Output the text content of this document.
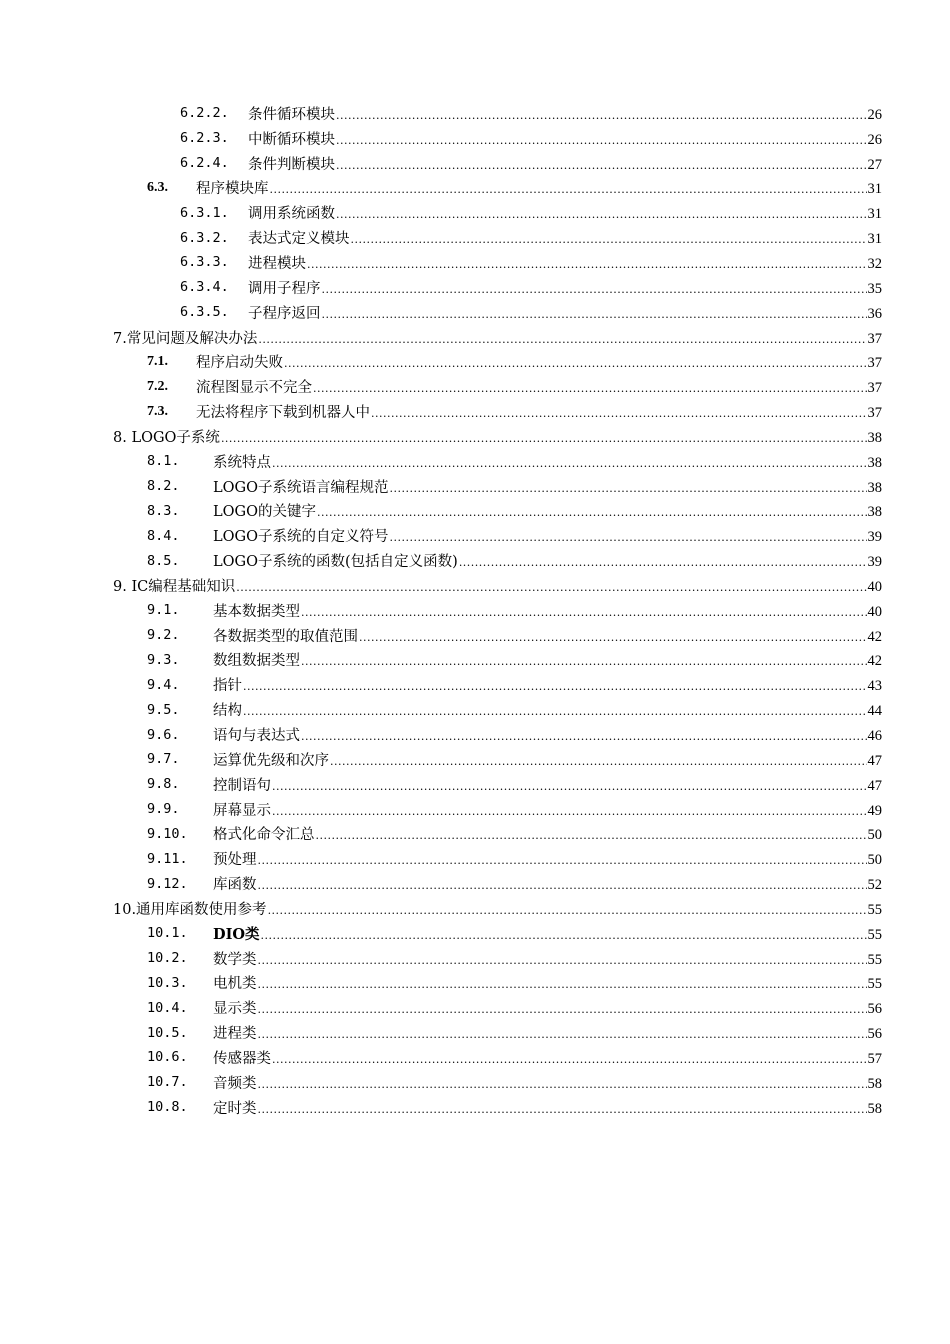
6.2.2. 条件循环模块 .....	26
6.2.3. 中断循环模块 .....	26
6.2.4. 条件判断模块 .....	27
6.3. 程序模块库 .....	31
6.3.1. 调用系统函数 .....	31
6.3.2. 表达式定义模块 .....	31
6.3.3. 进程模块 .....	32
6.3.4. 调用子程序 .....	35
6.3.5. 子程序返回 .....	36
7.常见问题及解决办法 .....	37
7.1. 程序启动失败 .....	37
7.2. 流程图显示不完全 .....	37
7.3. 无法将程序下载到机器人中 .....	37
8. LOGO子系统 .....	38
8.1. 系统特点 .....	38
8.2. LOGO子系统语言编程规范 .....	38
8.3. LOGO的关键字 .....	38
8.4. LOGO子系统的自定义符号 .....	39
8.5. LOGO子系统的函数(包括自定义函数) .....	39
9. IC编程基础知识 .....	40
9.1. 基本数据类型 .....	40
9.2. 各数据类型的取值范围 .....	42
9.3. 数组数据类型 .....	42
9.4. 指针 .....	43
9.5. 结构 .....	44
9.6. 语句与表达式 .....	46
9.7. 运算优先级和次序 .....	47
9.8. 控制语句 .....	47
9.9. 屏幕显示 .....	49
9.10. 格式化命令汇总 .....	50
9.11. 预处理 .....	50
9.12. 库函数 .....	52
10.通用库函数使用参考 .....	55
10.1. DIO类 .....	55
10.2. 数学类 .....	55
10.3. 电机类 .....	55
10.4. 显示类 .....	56
10.5. 进程类 .....	56
10.6. 传感器类 .....	57
10.7. 音频类 .....	58
10.8. 定时类 .....	58
